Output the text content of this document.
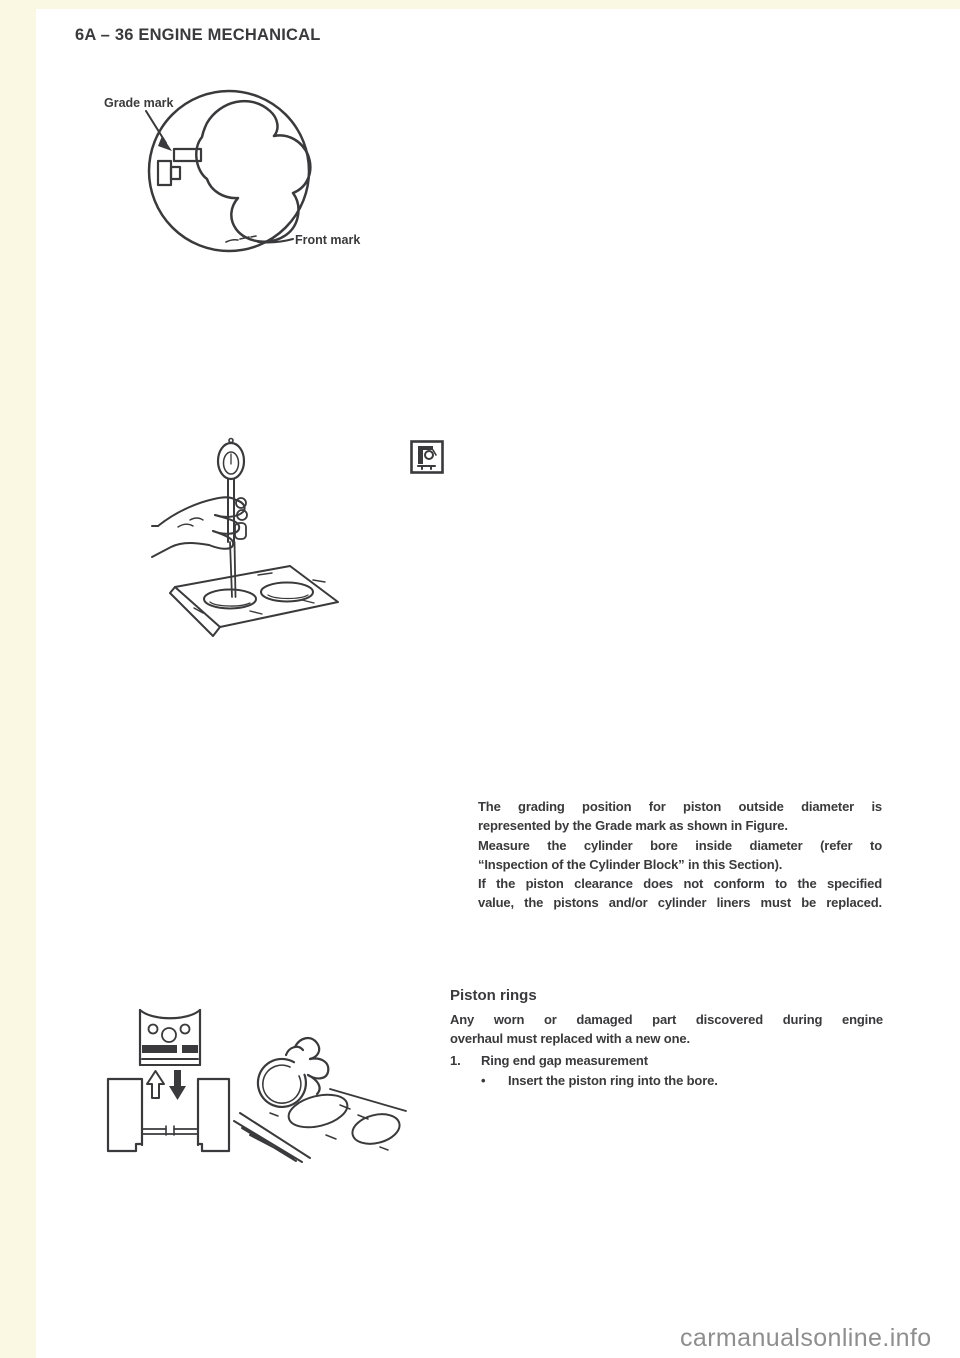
6A – 36 ENGINE MECHANICAL
Grade mark
Front mark
The grading position for piston outside diameter is
represented by the Grade mark as shown in Figure.
Measure the cylinder bore inside diameter (refer to
“Inspection of the Cylinder Block” in this Section).
If the piston clearance does not conform to the specified
value, the pistons and/or cylinder liners must be replaced.
Piston rings
Any worn or damaged part discovered during engine
overhaul must replaced with a new one.
1.	Ring end gap measurement
•	Insert the piston ring into the bore.
carmanualsonline.info
